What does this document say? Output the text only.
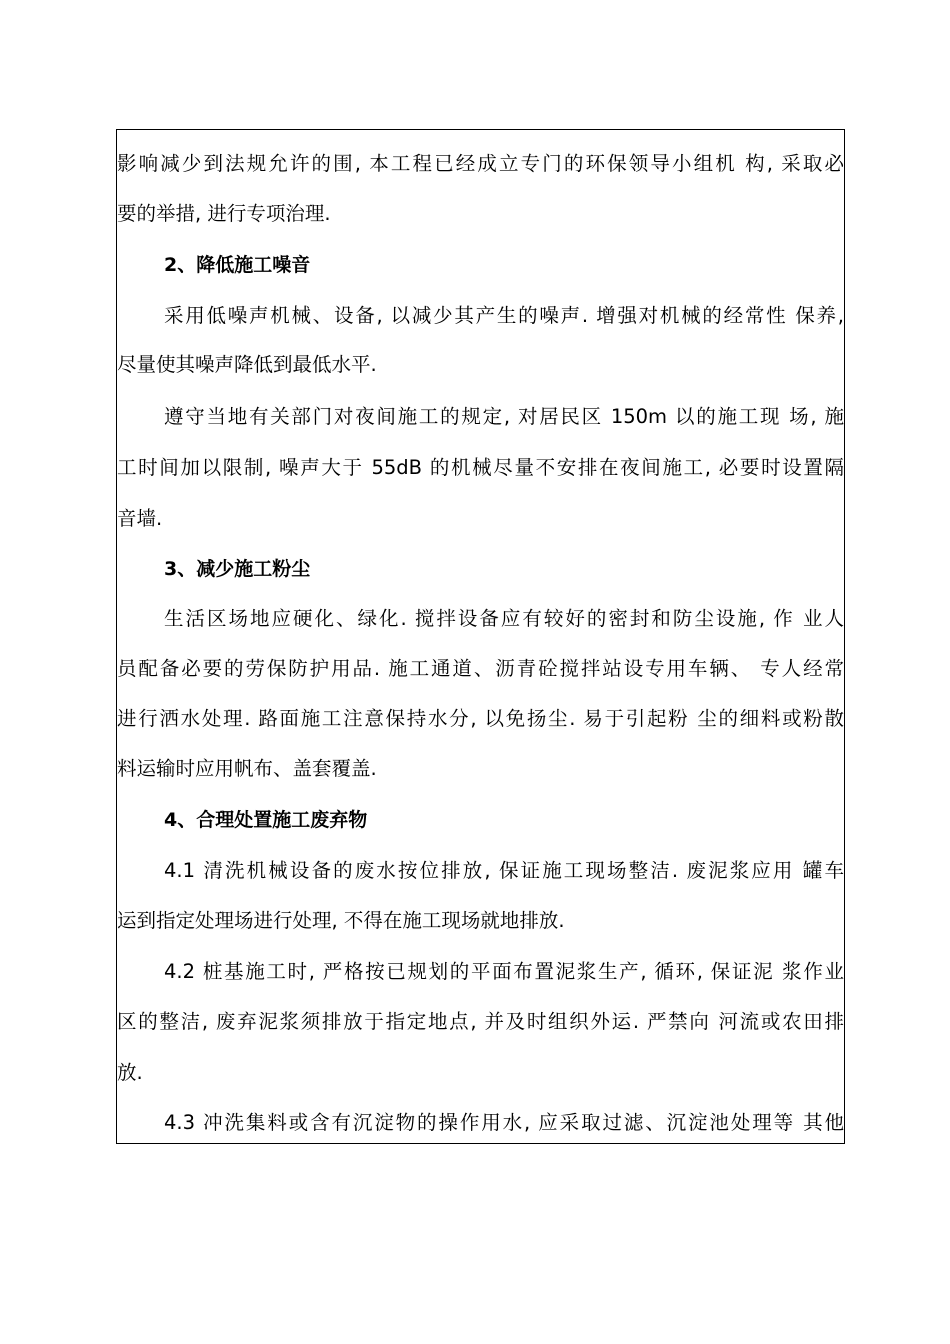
影响减少到法规允许的围, 本工程已经成立专门的环保领导小组机 构, 采取必
要的举措, 进行专项治理.
2、降低施工噪音
采用低噪声机械、设备, 以减少其产生的噪声. 增强对机械的经常性 保养,
尽量使其噪声降低到最低水平.
遵守当地有关部门对夜间施工的规定, 对居民区 150m 以的施工现 场, 施
工时间加以限制, 噪声大于 55dB 的机械尽量不安排在夜间施工, 必要时设置隔
音墙.
3、减少施工粉尘
生活区场地应硬化、绿化. 搅拌设备应有较好的密封和防尘设施, 作 业人
员配备必要的劳保防护用品. 施工通道、沥青砼搅拌站设专用车辆、 专人经常
进行洒水处理. 路面施工注意保持水分, 以免扬尘. 易于引起粉 尘的细料或粉散
料运输时应用帆布、盖套覆盖.
4、合理处置施工废弃物
4.1 清洗机械设备的废水按位排放, 保证施工现场整洁. 废泥浆应用 罐车
运到指定处理场进行处理, 不得在施工现场就地排放.
4.2 桩基施工时, 严格按已规划的平面布置泥浆生产, 循环, 保证泥 浆作业
区的整洁, 废弃泥浆须排放于指定地点, 并及时组织外运. 严禁向 河流或农田排
放.
4.3 冲洗集料或含有沉淀物的操作用水, 应采取过滤、沉淀池处理等 其他
